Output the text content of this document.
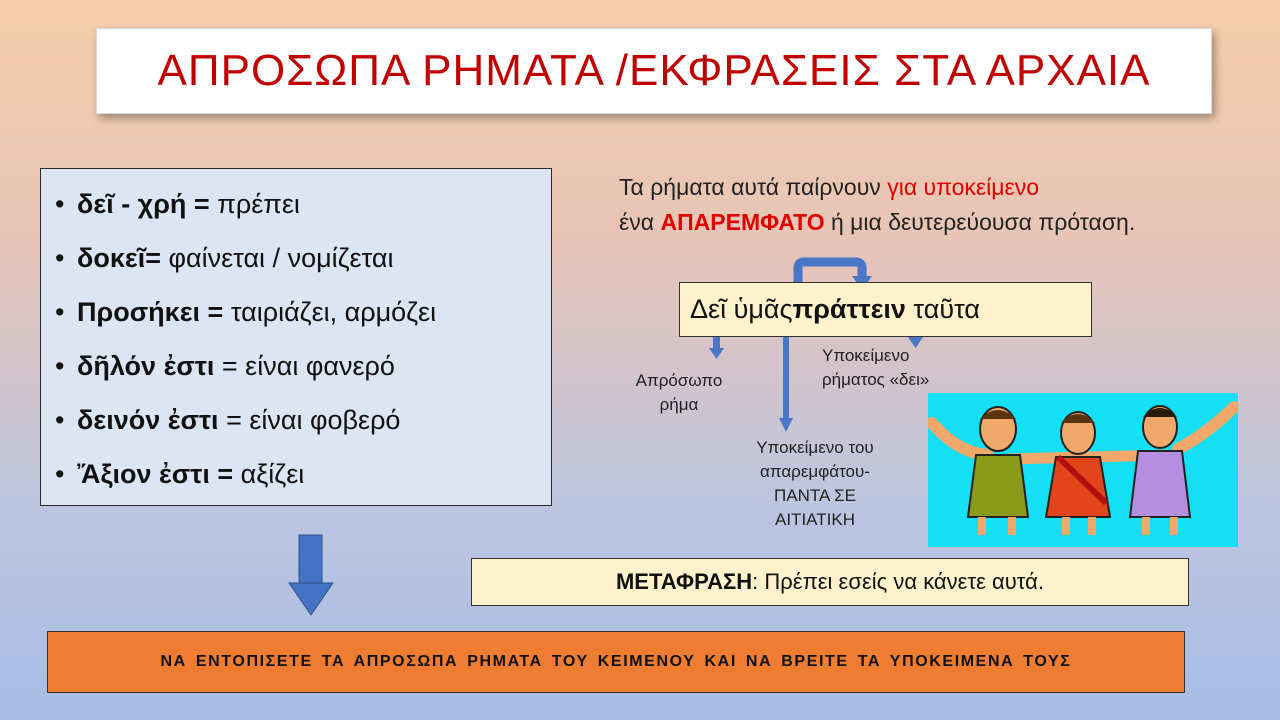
ΑΠΡΟΣΩΠΑ ΡΗΜΑΤΑ /ΕΚΦΡΑΣΕΙΣ ΣΤΑ ΑΡΧΑΙΑ
• δεῖ - χρή = πρέπει
• δοκεῖ= φαίνεται / νομίζεται
• Προσήκει = ταιριάζει, αρμόζει
• δῆλόν ἐστι = είναι φανερό
• δεινόν ἐστι = είναι φοβερό
• Ἄξιον ἐστι = αξίζει
Τα ρήματα αυτά παίρνουν για υποκείμενο
ένα ΑΠΑΡΕΜΦΑΤΟ ή μια δευτερεύουσα πρόταση.
Δεῖ ὑμᾶς πράττειν ταῦτα
Απρόσωπο
ρήμα
Υποκείμενο
ρήματος «δει»
Υποκείμενο του
απαρεμφάτου-
ΠΑΝΤΑ ΣΕ
ΑΙΤΙΑΤΙΚΗ
ΜΕΤΑΦΡΑΣΗ : Πρέπει εσείς να κάνετε αυτά.
ΝΑ ΕΝΤΟΠΙΣΕΤΕ ΤΑ ΑΠΡΟΣΩΠΑ ΡΗΜΑΤΑ ΤΟΥ ΚΕΙΜΕΝΟΥ ΚΑΙ ΝΑ ΒΡΕΙΤΕ ΤΑ ΥΠΟΚΕΙΜΕΝΑ ΤΟΥΣ
